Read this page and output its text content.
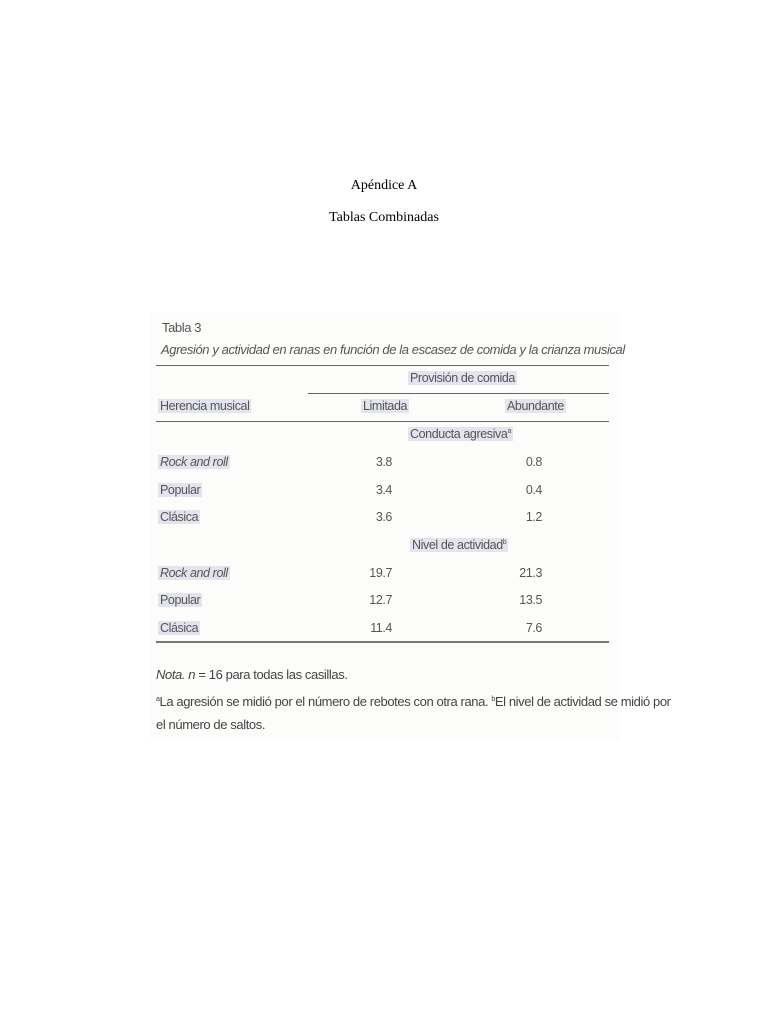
Apéndice A
Tablas Combinadas
Tabla 3
Agresión y actividad en ranas en función de la escasez de comida y la crianza musical
Provisión de comida
Herencia musical	Limitada	Abundante
Conducta agresiva$^a$
Rock and roll	3.8	0.8
Popular	3.4	0.4
Clásica	3.6	1.2
Nivel de actividad$^b$
Rock and roll	19.7	21.3
Popular	12.7	13.5
Clásica	11.4	7.6
Nota. n = 16 para todas las casillas.
$^a$La agresión se midió por el número de rebotes con otra rana. $^b$El nivel de actividad se midió por
el número de saltos.
